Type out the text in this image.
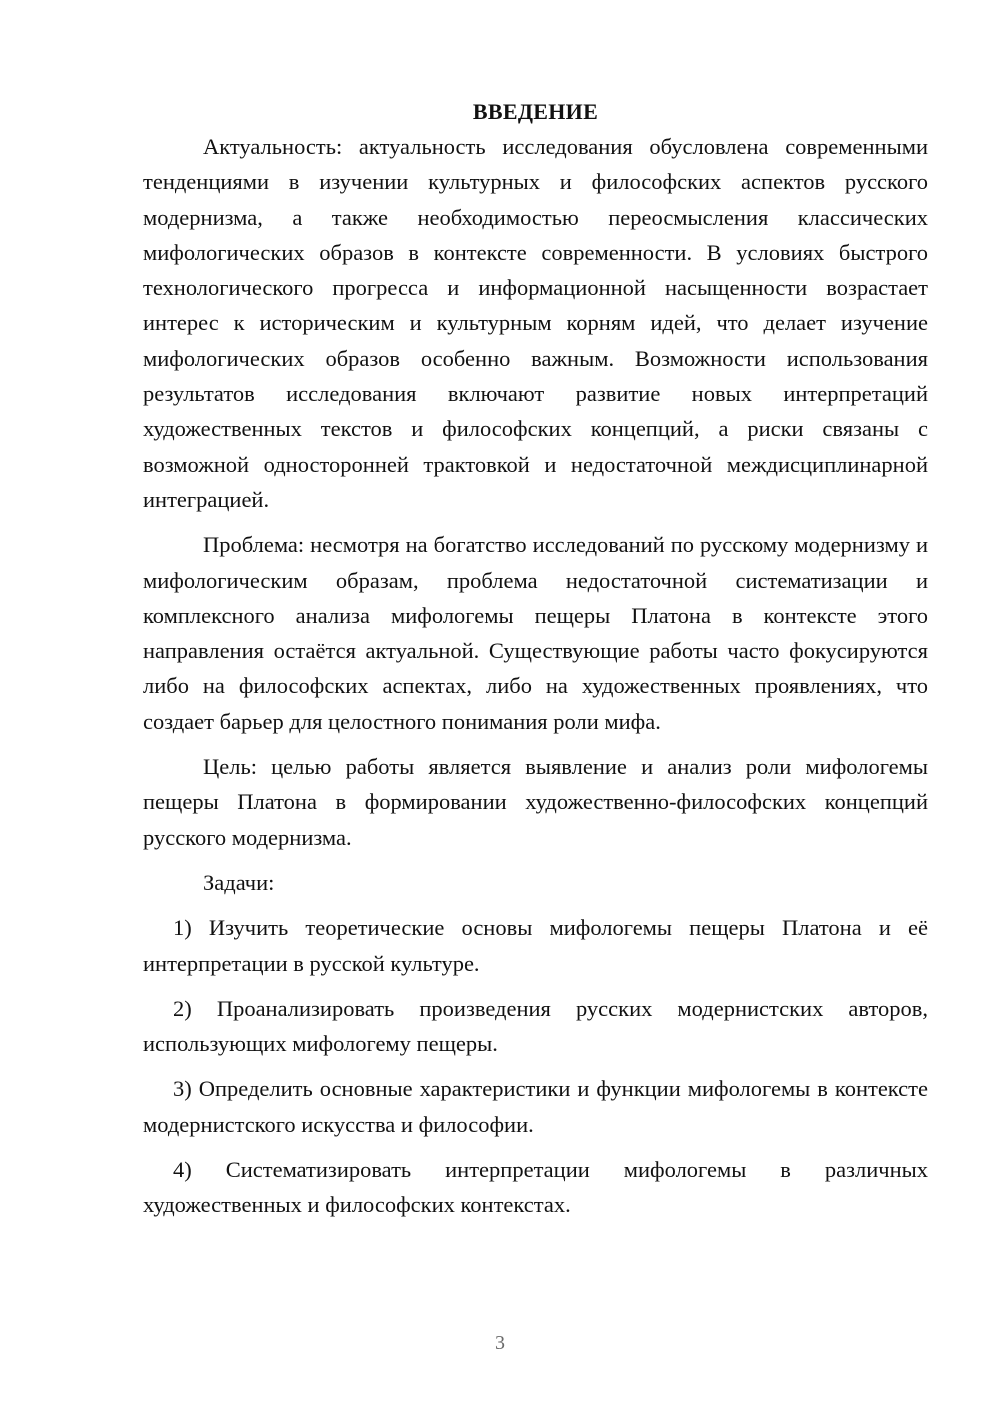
ВВЕДЕНИЕ

Актуальность: актуальность исследования обусловлена современными тенденциями в изучении культурных и философских аспектов русского модернизма, а также необходимостью переосмысления классических мифологических образов в контексте современности. В условиях быстрого технологического прогресса и информационной насыщенности возрастает интерес к историческим и культурным корням идей, что делает изучение мифологических образов особенно важным. Возможности использования результатов исследования включают развитие новых интерпретаций художественных текстов и философских концепций, а риски связаны с возможной односторонней трактовкой и недостаточной междисциплинарной интеграцией.

Проблема: несмотря на богатство исследований по русскому модернизму и мифологическим образам, проблема недостаточной систематизации и комплексного анализа мифологемы пещеры Платона в контексте этого направления остаётся актуальной. Существующие работы часто фокусируются либо на философских аспектах, либо на художественных проявлениях, что создает барьер для целостного понимания роли мифа.

Цель: целью работы является выявление и анализ роли мифологемы пещеры Платона в формировании художественно-философских концепций русского модернизма.

Задачи:

1) Изучить теоретические основы мифологемы пещеры Платона и её интерпретации в русской культуре.

2) Проанализировать произведения русских модернистских авторов, использующих мифологему пещеры.

3) Определить основные характеристики и функции мифологемы в контексте модернистского искусства и философии.

4) Систематизировать интерпретации мифологемы в различных художественных и философских контекстах.

3
